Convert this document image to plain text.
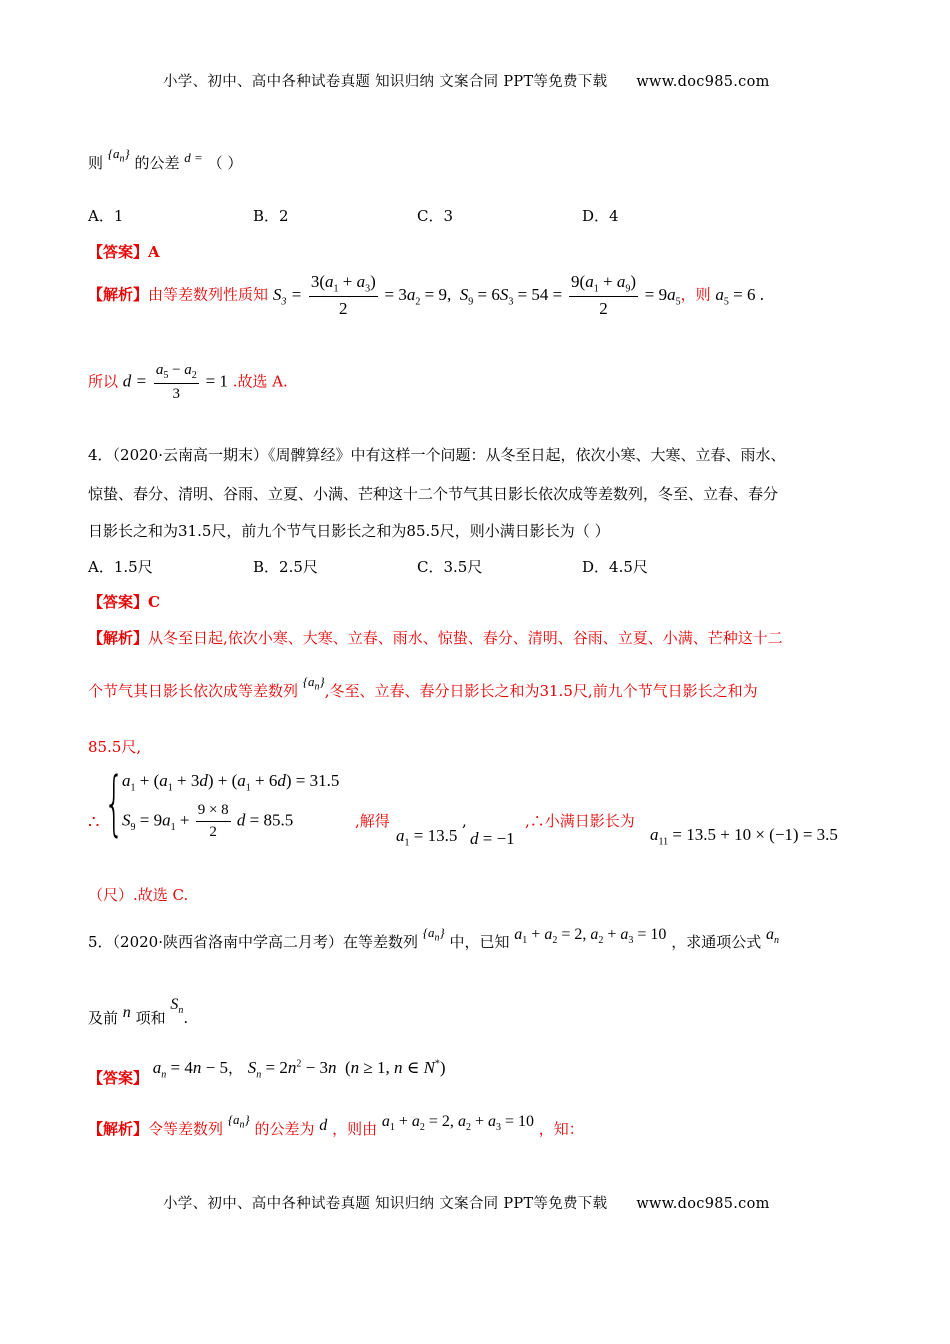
小学、初中、高中各种试卷真题 知识归纳 文案合同 PPT等免费下载 www.doc985.com
则 $\{a_n\}$ 的公差 d = （ ）
A．1	B．2	C．3	D．4
【答案】A
【解析】由等差数列性质知 $S_3 = \frac{3(a_1 + a_3)}{2} = 3a_2 = 9$,  $S_9 = 6S_3 = 54 = \frac{9(a_1 + a_9)}{2} = 9a_5$，则 $a_5 = 6$ .
所以 $d = \frac{a_5 - a_2}{3} = 1$ .故选 A.
4．（2020·云南高一期末）《周髀算经》中有这样一个问题：从冬至日起，依次小寒、大寒、立春、雨水、
惊蛰、春分、清明、谷雨、立夏、小满、芒种这十二个节气其日影长依次成等差数列，冬至、立春、春分
日影长之和为31.5尺，前九个节气日影长之和为85.5尺，则小满日影长为（ ）
A．1.5尺	B．2.5尺	C．3.5尺	D．4.5尺
【答案】C
【解析】从冬至日起,依次小寒、大寒、立春、雨水、惊蛰、春分、清明、谷雨、立夏、小满、芒种这十二
个节气其日影长依次成等差数列 $\{a_n\}$,冬至、立春、春分日影长之和为31.5尺,前九个节气日影长之和为
85.5尺,
∴ {
$a_1 + (a_1 + 3d) + (a_1 + 6d) = 31.5$
$S_9 = 9a_1 + \frac{9 \times 8}{2}$ d = 85.5	,解得
$a_1 = 13.5$
,
d = −1
,∴小满日影长为
$a_{11} = 13.5 + 10 \times (-1) = 3.5$
（尺）.故选 C.
5．（2020·陕西省洛南中学高二月考）在等差数列 $\{a_n\}$ 中，已知 $a_1 + a_2 = 2$, $a_2 + a_3 = 10$ ，求通项公式 $a_n$
及前 n 项和 $S_n$.
【答案】 $a_n = 4n - 5$， $S_n = 2n^2 - 3n$  (n ≥ 1, n ∈ N*)
【解析】令等差数列 $\{a_n\}$ 的公差为 d ，则由 $a_1 + a_2 = 2$, $a_2 + a_3 = 10$ ，知：
小学、初中、高中各种试卷真题 知识归纳 文案合同 PPT等免费下载 www.doc985.com
